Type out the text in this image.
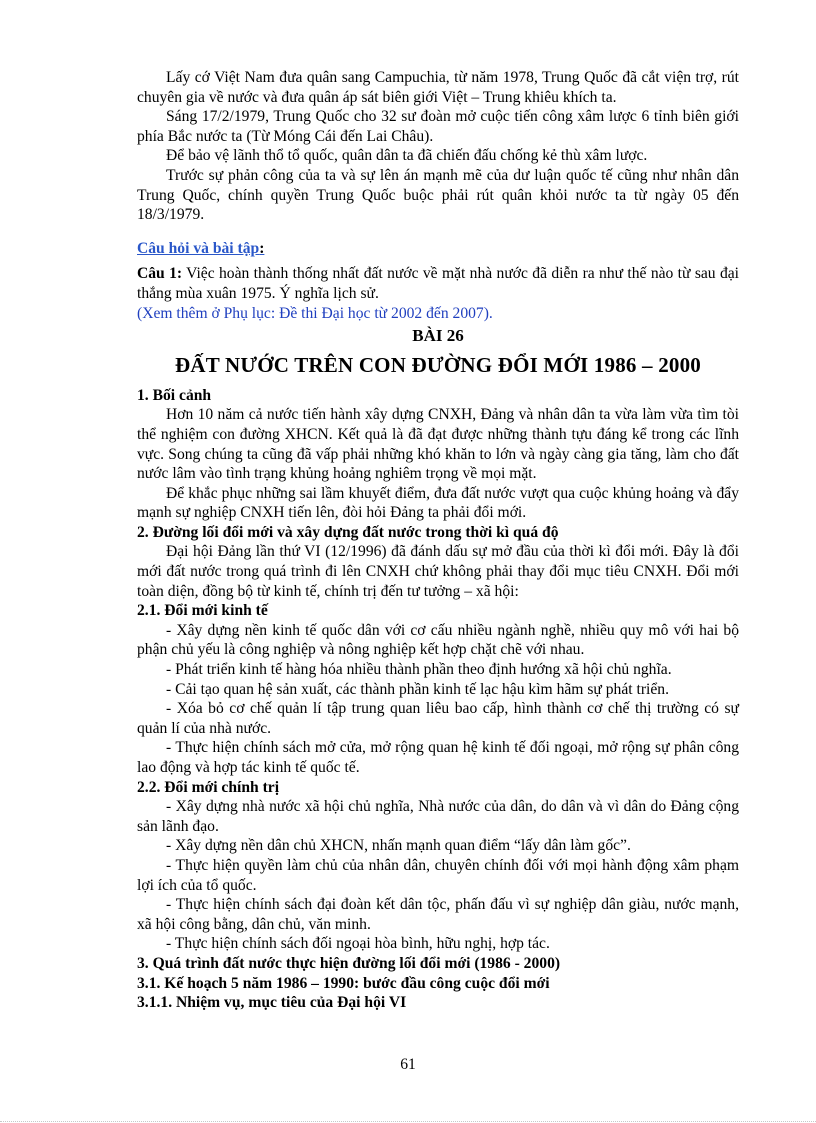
Lấy cớ Việt Nam đưa quân sang Campuchia, từ năm 1978, Trung Quốc đã cắt viện trợ, rút chuyên gia về nước và đưa quân áp sát biên giới Việt – Trung khiêu khích ta.

Sáng 17/2/1979, Trung Quốc cho 32 sư đoàn mở cuộc tiến công xâm lược 6 tỉnh biên giới phía Bắc nước ta (Từ Móng Cái đến Lai Châu).

Để bảo vệ lãnh thổ tổ quốc, quân dân ta đã chiến đấu chống kẻ thù xâm lược.

Trước sự phản công của ta và sự lên án mạnh mẽ của dư luận quốc tế cũng như nhân dân Trung Quốc, chính quyền Trung Quốc buộc phải rút quân khỏi nước ta từ ngày 05 đến 18/3/1979.

Câu hỏi và bài tập:

Câu 1: Việc hoàn thành thống nhất đất nước về mặt nhà nước đã diễn ra như thế nào từ sau đại thắng mùa xuân 1975. Ý nghĩa lịch sử.

(Xem thêm ở Phụ lục: Đề thi Đại học từ 2002 đến 2007).

BÀI 26
ĐẤT NƯỚC TRÊN CON ĐƯỜNG ĐỔI MỚI 1986 – 2000

1. Bối cảnh

Hơn 10 năm cả nước tiến hành xây dựng CNXH, Đảng và nhân dân ta vừa làm vừa tìm tòi thể nghiệm con đường XHCN. Kết quả là đã đạt được những thành tựu đáng kể trong các lĩnh vực. Song chúng ta cũng đã vấp phải những khó khăn to lớn và ngày càng gia tăng, làm cho đất nước lâm vào tình trạng khủng hoảng nghiêm trọng về mọi mặt.

Để khắc phục những sai lầm khuyết điểm, đưa đất nước vượt qua cuộc khủng hoảng và đẩy mạnh sự nghiệp CNXH tiến lên, đòi hỏi Đảng ta phải đổi mới.

2. Đường lối đổi mới và xây dựng đất nước trong thời kì quá độ

Đại hội Đảng lần thứ VI (12/1996) đã đánh dấu sự mở đầu của thời kì đổi mới. Đây là đổi mới đất nước trong quá trình đi lên CNXH chứ không phải thay đổi mục tiêu CNXH. Đổi mới toàn diện, đồng bộ từ kinh tế, chính trị đến tư tưởng – xã hội:

2.1. Đổi mới kinh tế

- Xây dựng nền kinh tế quốc dân với cơ cấu nhiều ngành nghề, nhiều quy mô với hai bộ phận chủ yếu là công nghiệp và nông nghiệp kết hợp chặt chẽ với nhau.

- Phát triển kinh tế hàng hóa nhiều thành phần theo định hướng xã hội chủ nghĩa.

- Cải tạo quan hệ sản xuất, các thành phần kinh tế lạc hậu kìm hãm sự phát triển.

- Xóa bỏ cơ chế quản lí tập trung quan liêu bao cấp, hình thành cơ chế thị trường có sự quản lí của nhà nước.

- Thực hiện chính sách mở cửa, mở rộng quan hệ kinh tế đối ngoại, mở rộng sự phân công lao động và hợp tác kinh tế quốc tế.

2.2. Đổi mới chính trị

- Xây dựng nhà nước xã hội chủ nghĩa, Nhà nước của dân, do dân và vì dân do Đảng cộng sản lãnh đạo.

- Xây dựng nền dân chủ XHCN, nhấn mạnh quan điểm “lấy dân làm gốc”.

- Thực hiện quyền làm chủ của nhân dân, chuyên chính đối với mọi hành động xâm phạm lợi ích của tổ quốc.

- Thực hiện chính sách đại đoàn kết dân tộc, phấn đấu vì sự nghiệp dân giàu, nước mạnh, xã hội công bằng, dân chủ, văn minh.

- Thực hiện chính sách đối ngoại hòa bình, hữu nghị, hợp tác.

3. Quá trình đất nước thực hiện đường lối đổi mới (1986 - 2000)

3.1. Kế hoạch 5 năm 1986 – 1990: bước đầu công cuộc đổi mới

3.1.1. Nhiệm vụ, mục tiêu của Đại hội VI

61
